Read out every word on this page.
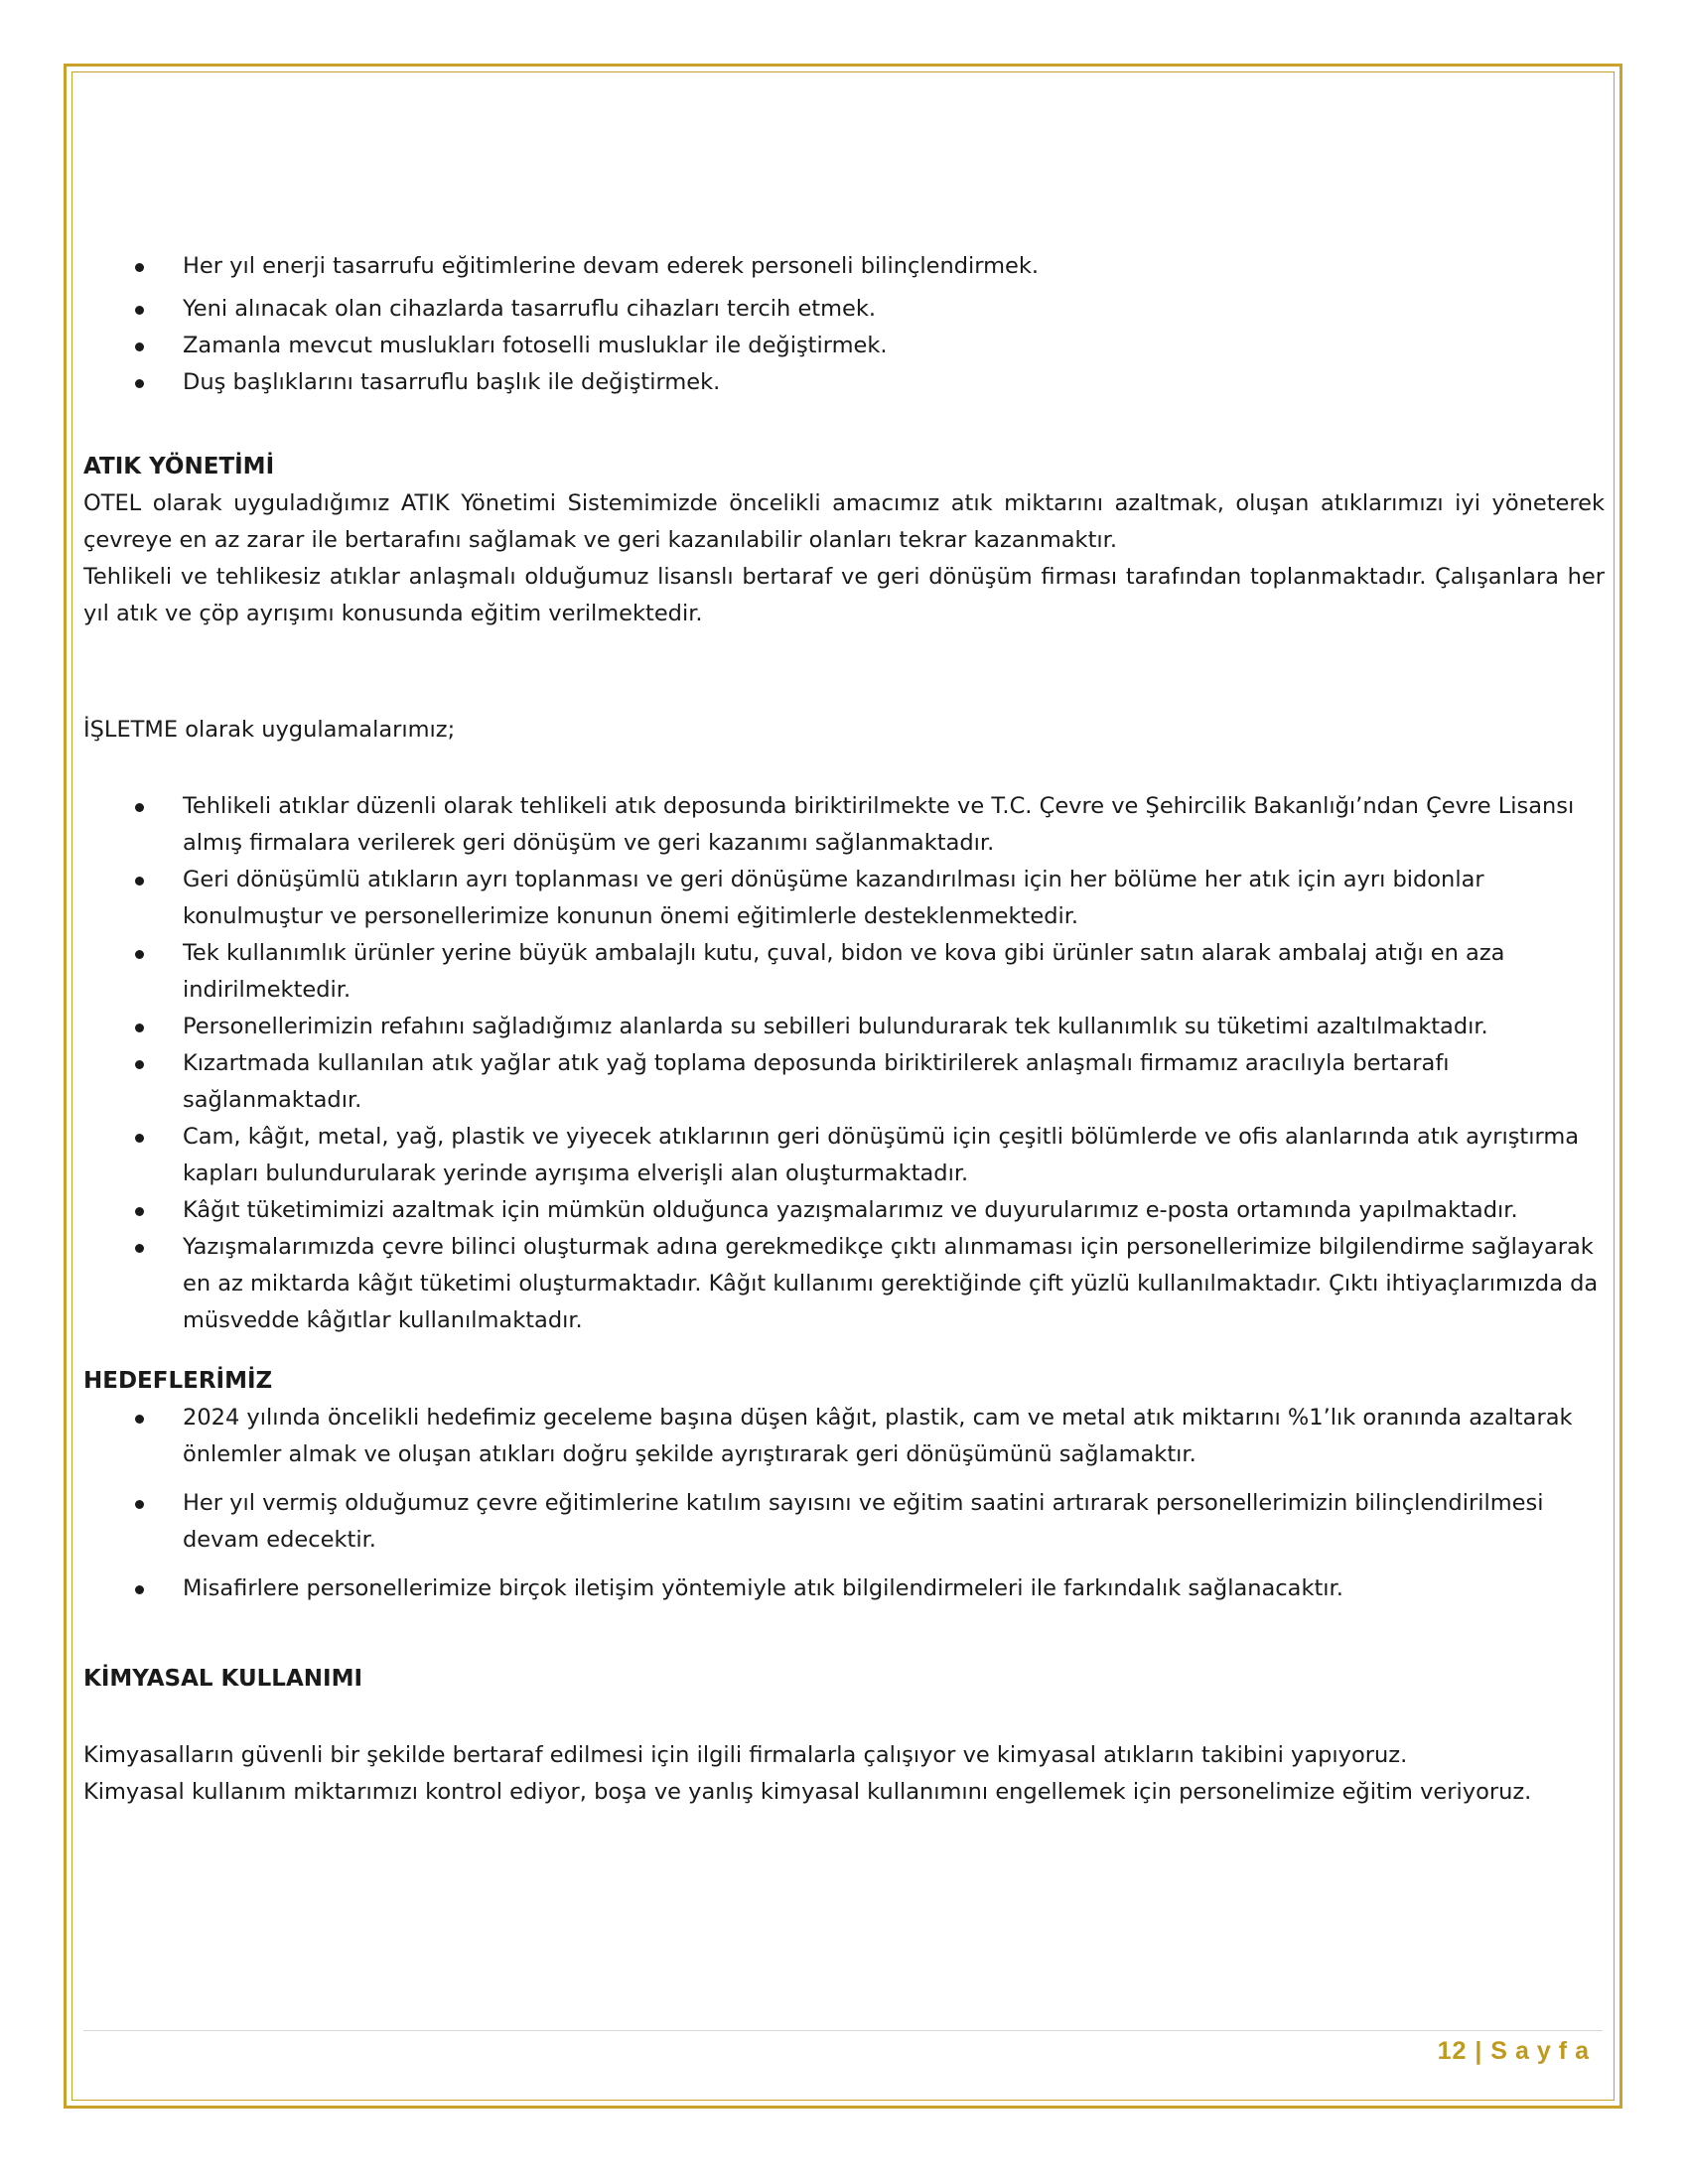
Her yıl enerji tasarrufu eğitimlerine devam ederek personeli bilinçlendirmek.
Yeni alınacak olan cihazlarda tasarruflu cihazları tercih etmek.
Zamanla mevcut muslukları fotoselli musluklar ile değiştirmek.
Duş başlıklarını tasarruflu başlık ile değiştirmek.
ATIK YÖNETİMİ

OTEL olarak uyguladığımız ATIK Yönetimi Sistemimizde öncelikli amacımız atık miktarını azaltmak, oluşan atıklarımızı iyi yöneterek çevreye en az zarar ile bertarafını sağlamak ve geri kazanılabilir olanları tekrar kazanmaktır.

Tehlikeli ve tehlikesiz atıklar anlaşmalı olduğumuz lisanslı bertaraf ve geri dönüşüm firması tarafından toplanmaktadır. Çalışanlara her yıl atık ve çöp ayrışımı konusunda eğitim verilmektedir.

İŞLETME olarak uygulamalarımız;

Tehlikeli atıklar düzenli olarak tehlikeli atık deposunda biriktirilmekte ve T.C. Çevre ve Şehircilik Bakanlığı’ndan Çevre Lisansı almış firmalara verilerek geri dönüşüm ve geri kazanımı sağlanmaktadır.
Geri dönüşümlü atıkların ayrı toplanması ve geri dönüşüme kazandırılması için her bölüme her atık için ayrı bidonlar konulmuştur ve personellerimize konunun önemi eğitimlerle desteklenmektedir.
Tek kullanımlık ürünler yerine büyük ambalajlı kutu, çuval, bidon ve kova gibi ürünler satın alarak ambalaj atığı en aza indirilmektedir.
Personellerimizin refahını sağladığımız alanlarda su sebilleri bulundurarak tek kullanımlık su tüketimi azaltılmaktadır.
Kızartmada kullanılan atık yağlar atık yağ toplama deposunda biriktirilerek anlaşmalı firmamız aracılıyla bertarafı sağlanmaktadır.
Cam, kâğıt, metal, yağ, plastik ve yiyecek atıklarının geri dönüşümü için çeşitli bölümlerde ve ofis alanlarında atık ayrıştırma kapları bulundurularak yerinde ayrışıma elverişli alan oluşturmaktadır.
Kâğıt tüketimimizi azaltmak için mümkün olduğunca yazışmalarımız ve duyurularımız e-posta ortamında yapılmaktadır.
Yazışmalarımızda çevre bilinci oluşturmak adına gerekmedikçe çıktı alınmaması için personellerimize bilgilendirme sağlayarak en az miktarda kâğıt tüketimi oluşturmaktadır. Kâğıt kullanımı gerektiğinde çift yüzlü kullanılmaktadır. Çıktı ihtiyaçlarımızda da müsvedde kâğıtlar kullanılmaktadır.
HEDEFLERİMİZ
2024 yılında öncelikli hedefimiz geceleme başına düşen kâğıt, plastik, cam ve metal atık miktarını %1’lık oranında azaltarak önlemler almak ve oluşan atıkları doğru şekilde ayrıştırarak geri dönüşümünü sağlamaktır.
Her yıl vermiş olduğumuz çevre eğitimlerine katılım sayısını ve eğitim saatini artırarak personellerimizin bilinçlendirilmesi devam edecektir.
Misafirlere personellerimize birçok iletişim yöntemiyle atık bilgilendirmeleri ile farkındalık sağlanacaktır.
KİMYASAL KULLANIMI

Kimyasalların güvenli bir şekilde bertaraf edilmesi için ilgili firmalarla çalışıyor ve kimyasal atıkların takibini yapıyoruz.

Kimyasal kullanım miktarımızı kontrol ediyor, boşa ve yanlış kimyasal kullanımını engellemek için personelimize eğitim veriyoruz.

12 | Sayfa
